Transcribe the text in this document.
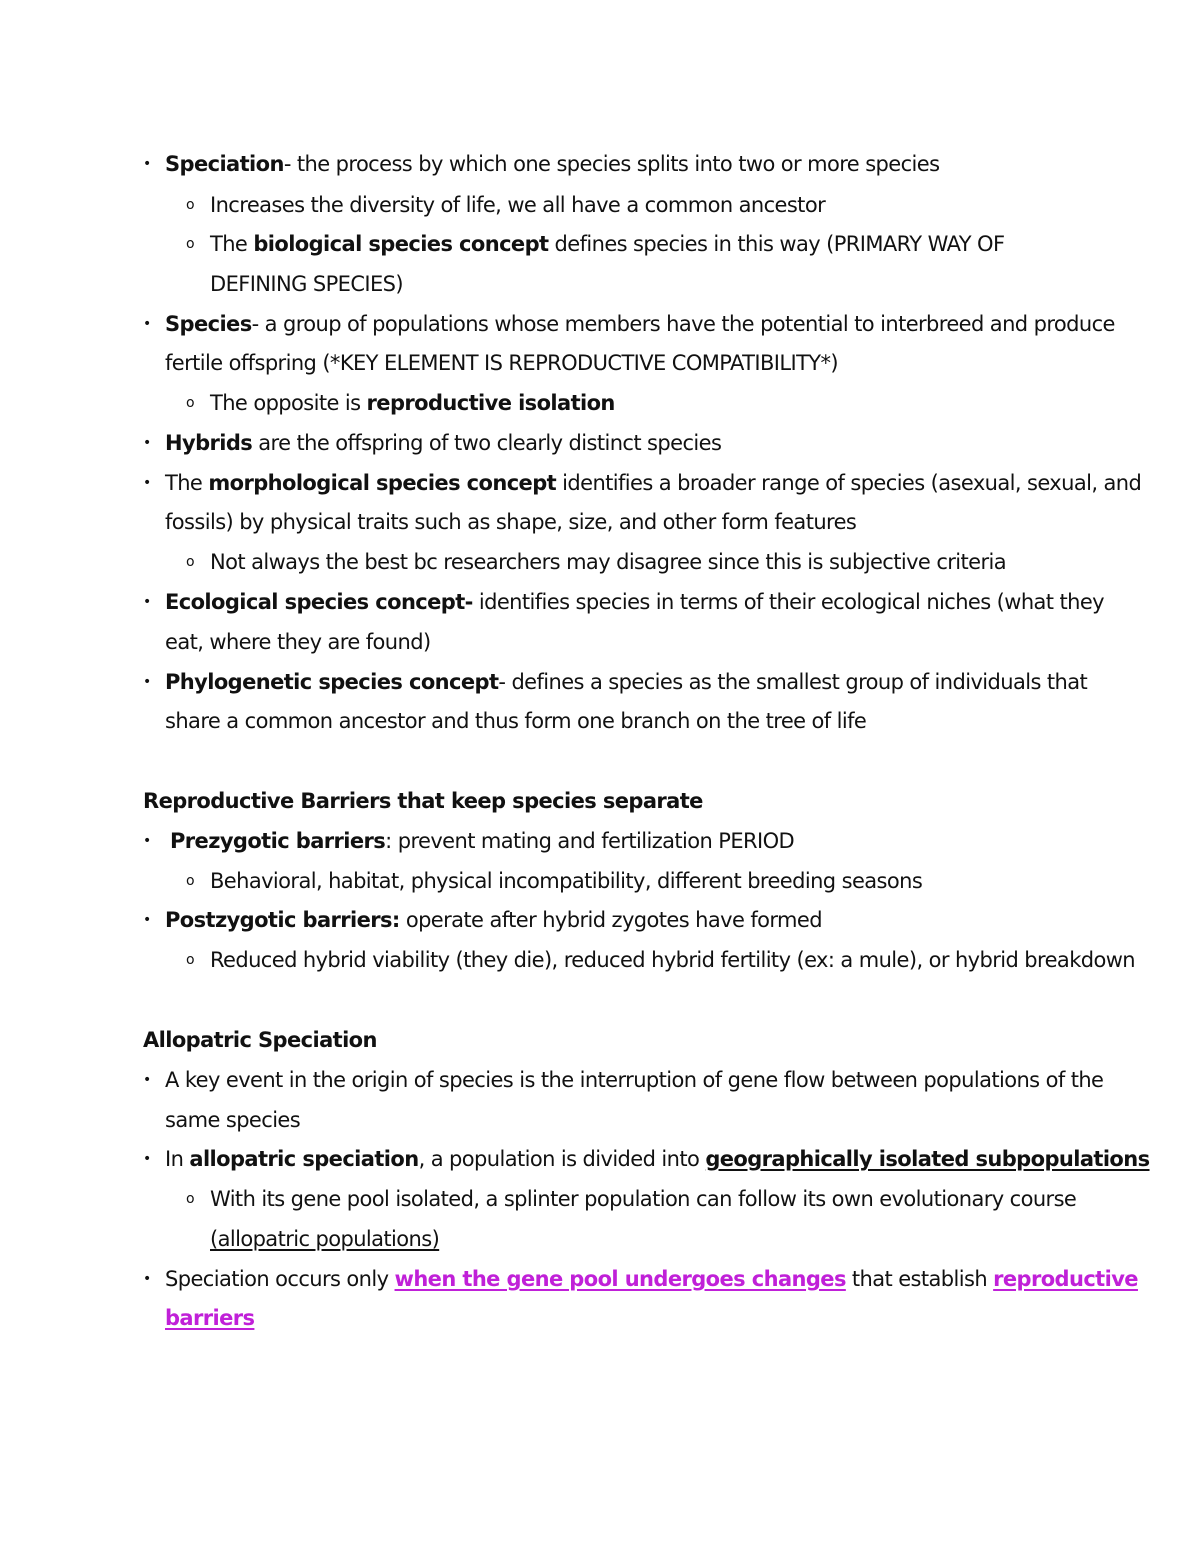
• Speciation- the process by which one species splits into two or more species
o Increases the diversity of life, we all have a common ancestor
o The biological species concept defines species in this way (PRIMARY WAY OF
DEFINING SPECIES)
• Species- a group of populations whose members have the potential to interbreed and produce
fertile offspring (*KEY ELEMENT IS REPRODUCTIVE COMPATIBILITY*)
o The opposite is reproductive isolation
• Hybrids are the offspring of two clearly distinct species
• The morphological species concept identifies a broader range of species (asexual, sexual, and
fossils) by physical traits such as shape, size, and other form features
o Not always the best bc researchers may disagree since this is subjective criteria
• Ecological species concept- identifies species in terms of their ecological niches (what they
eat, where they are found)
• Phylogenetic species concept- defines a species as the smallest group of individuals that
share a common ancestor and thus form one branch on the tree of life
Reproductive Barriers that keep species separate
• Prezygotic barriers: prevent mating and fertilization PERIOD
o Behavioral, habitat, physical incompatibility, different breeding seasons
• Postzygotic barriers: operate after hybrid zygotes have formed
o Reduced hybrid viability (they die), reduced hybrid fertility (ex: a mule), or hybrid breakdown
Allopatric Speciation
• A key event in the origin of species is the interruption of gene flow between populations of the
same species
• In allopatric speciation, a population is divided into geographically isolated subpopulations
o With its gene pool isolated, a splinter population can follow its own evolutionary course
(allopatric populations)
• Speciation occurs only when the gene pool undergoes changes that establish reproductive
barriers
